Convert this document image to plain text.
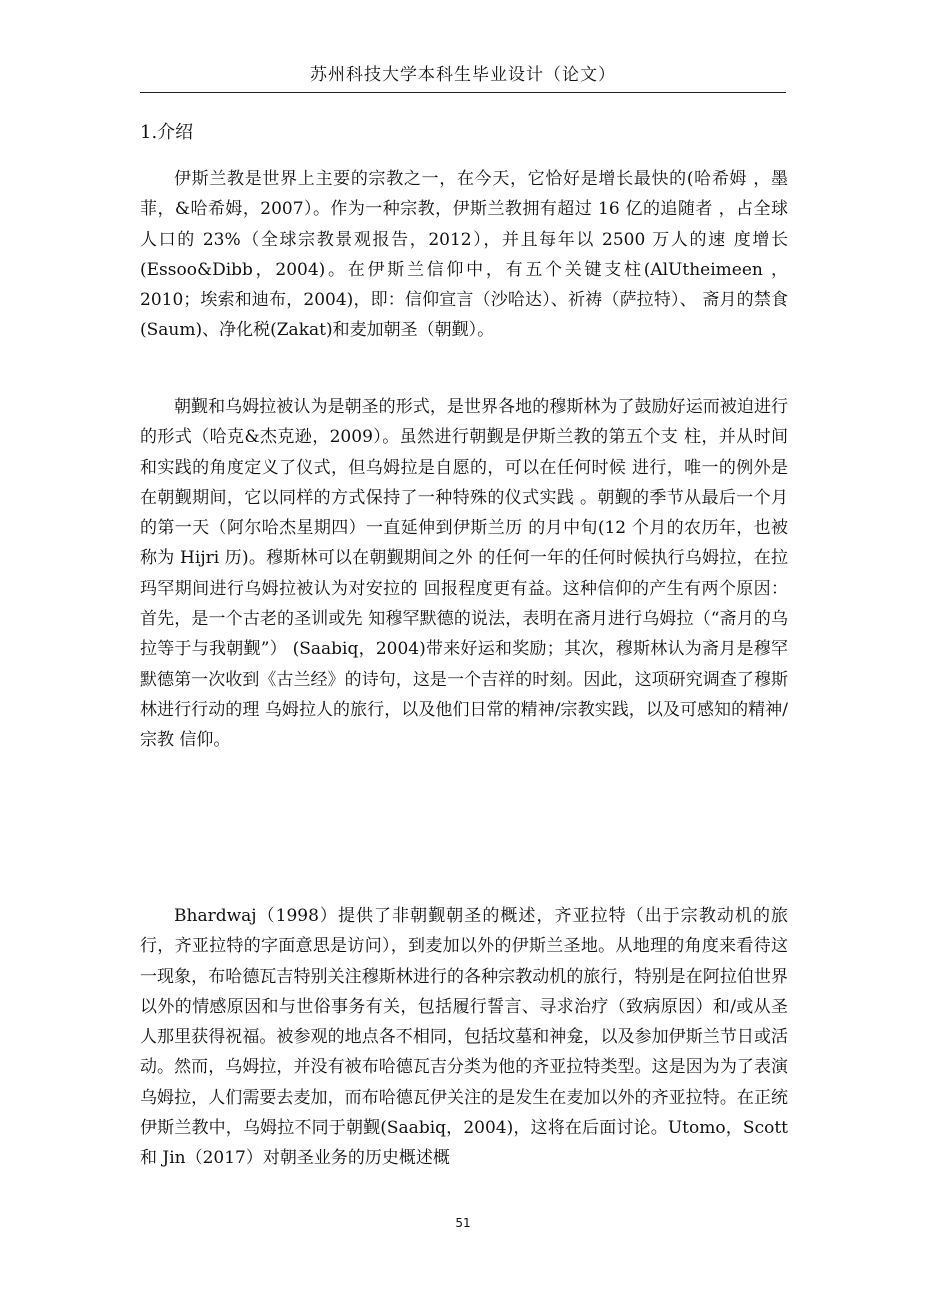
苏州科技大学本科生毕业设计（论文）
1.介绍

伊斯兰教是世界上主要的宗教之一，在今天，它恰好是增长最快的(哈希姆 ，墨菲，&哈希姆，2007）。作为一种宗教，伊斯兰教拥有超过 16 亿的追随者 ，占全球人口的 23%（全球宗教景观报告，2012），并且每年以 2500 万人的速 度增长(Essoo&Dibb，2004)。在伊斯兰信仰中，有五个关键支柱(AlUtheimeen ，2010；埃索和迪布，2004)，即：信仰宣言（沙哈达）、祈祷（萨拉特）、 斋月的禁食(Saum)、净化税(Zakat)和麦加朝圣（朝觐）。

朝觐和乌姆拉被认为是朝圣的形式，是世界各地的穆斯林为了鼓励好运而被迫进行的形式（哈克&杰克逊，2009）。虽然进行朝觐是伊斯兰教的第五个支 柱，并从时间和实践的角度定义了仪式，但乌姆拉是自愿的，可以在任何时候 进行，唯一的例外是在朝觐期间，它以同样的方式保持了一种特殊的仪式实践 。朝觐的季节从最后一个月的第一天（阿尔哈杰星期四）一直延伸到伊斯兰历 的月中旬(12 个月的农历年，也被称为 Hijri 历)。穆斯林可以在朝觐期间之外 的任何一年的任何时候执行乌姆拉，在拉玛罕期间进行乌姆拉被认为对安拉的 回报程度更有益。这种信仰的产生有两个原因：首先，是一个古老的圣训或先 知穆罕默德的说法，表明在斋月进行乌姆拉（“斋月的乌拉等于与我朝觐”） (Saabiq，2004)带来好运和奖励；其次，穆斯林认为斋月是穆罕默德第一次收到《古兰经》的诗句，这是一个吉祥的时刻。因此，这项研究调查了穆斯林进行行动的理 乌姆拉人的旅行，以及他们日常的精神/宗教实践，以及可感知的精神/宗教 信仰。

Bhardwaj（1998）提供了非朝觐朝圣的概述，齐亚拉特（出于宗教动机的旅行，齐亚拉特的字面意思是访问），到麦加以外的伊斯兰圣地。从地理的角度来看待这一现象，布哈德瓦吉特别关注穆斯林进行的各种宗教动机的旅行，特别是在阿拉伯世界以外的情感原因和与世俗事务有关，包括履行誓言、寻求治疗（致病原因）和/或从圣人那里获得祝福。被参观的地点各不相同，包括坟墓和神龛，以及参加伊斯兰节日或活动。然而，乌姆拉，并没有被布哈德瓦吉分类为他的齐亚拉特类型。这是因为为了表演乌姆拉，人们需要去麦加，而布哈德瓦伊关注的是发生在麦加以外的齐亚拉特。在正统伊斯兰教中，乌姆拉不同于朝觐(Saabiq，2004)，这将在后面讨论。Utomo，Scott 和 Jin（2017）对朝圣业务的历史概述概

51
